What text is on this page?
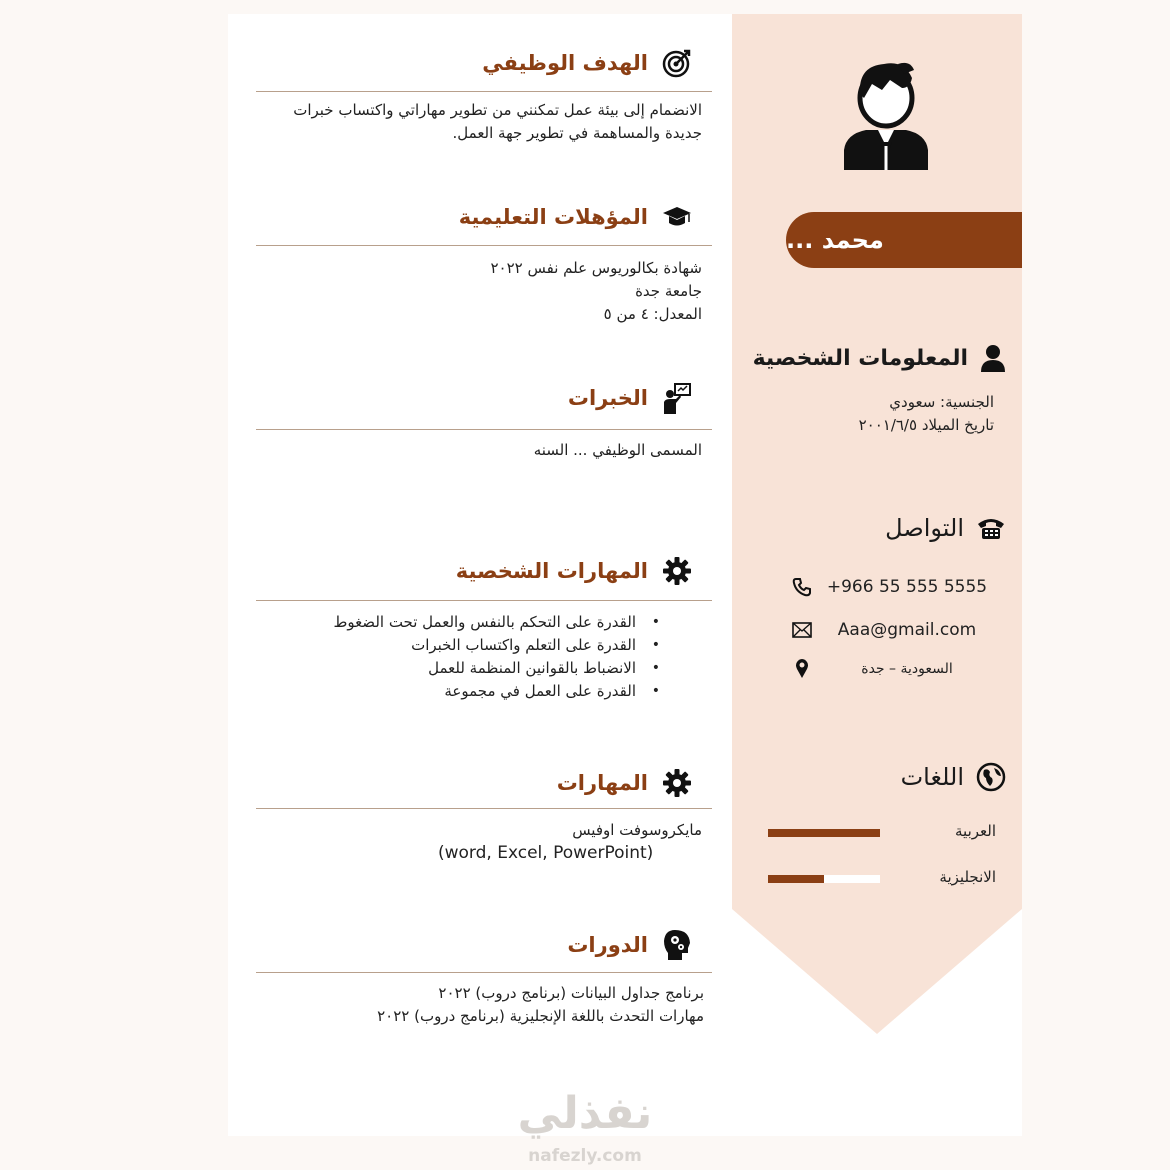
محمد ...
المعلومات الشخصية
الجنسية: سعودي
تاريخ الميلاد ٢٠٠١/٦/٥
التواصل
+966 55 555 5555
Aaa@gmail.com
السعودية – جدة
اللغات
العربية
الانجليزية
الهدف الوظيفي
الانضمام إلى بيئة عمل تمكنني من تطوير مهاراتي واكتساب خبرات
جديدة والمساهمة في تطوير جهة العمل.
المؤهلات التعليمية
شهادة بكالوريوس علم نفس ٢٠٢٢
جامعة جدة
المعدل: ٤ من ٥
الخبرات
المسمى الوظيفي ... السنه
المهارات الشخصية
• القدرة على التحكم بالنفس والعمل تحت الضغوط
• القدرة على التعلم واكتساب الخبرات
• الانضباط بالقوانين المنظمة للعمل
• القدرة على العمل في مجموعة
المهارات
مايكروسوفت اوفيس
(word, Excel, PowerPoint)
الدورات
برنامج جداول البيانات (برنامج دروب) ٢٠٢٢
مهارات التحدث باللغة الإنجليزية (برنامج دروب) ٢٠٢٢
نفذلي
nafezly.com
